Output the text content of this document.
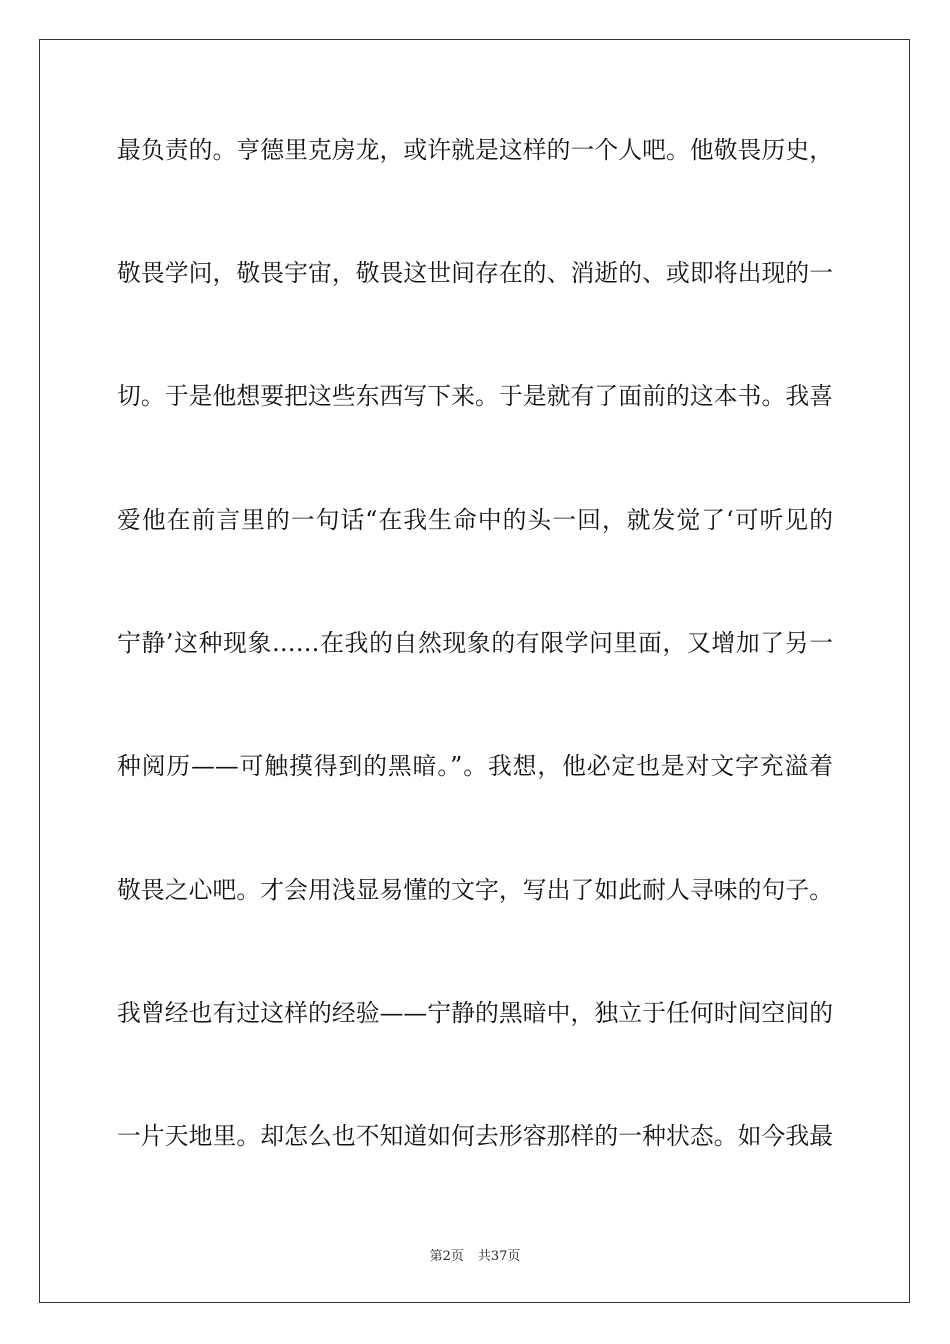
最负责的。亨德里克房龙，或许就是这样的一个人吧。他敬畏历史，
敬畏学问，敬畏宇宙，敬畏这世间存在的、消逝的、或即将出现的一
切。于是他想要把这些东西写下来。于是就有了面前的这本书。我喜
爱他在前言里的一句话“在我生命中的头一回，就发觉了‘可听见的
宁静’这种现象……在我的自然现象的有限学问里面，又增加了另一
种阅历——可触摸得到的黑暗。”。我想，他必定也是对文字充溢着
敬畏之心吧。才会用浅显易懂的文字，写出了如此耐人寻味的句子。
我曾经也有过这样的经验——宁静的黑暗中，独立于任何时间空间的
一片天地里。却怎么也不知道如何去形容那样的一种状态。如今我最
第2页 共37页
